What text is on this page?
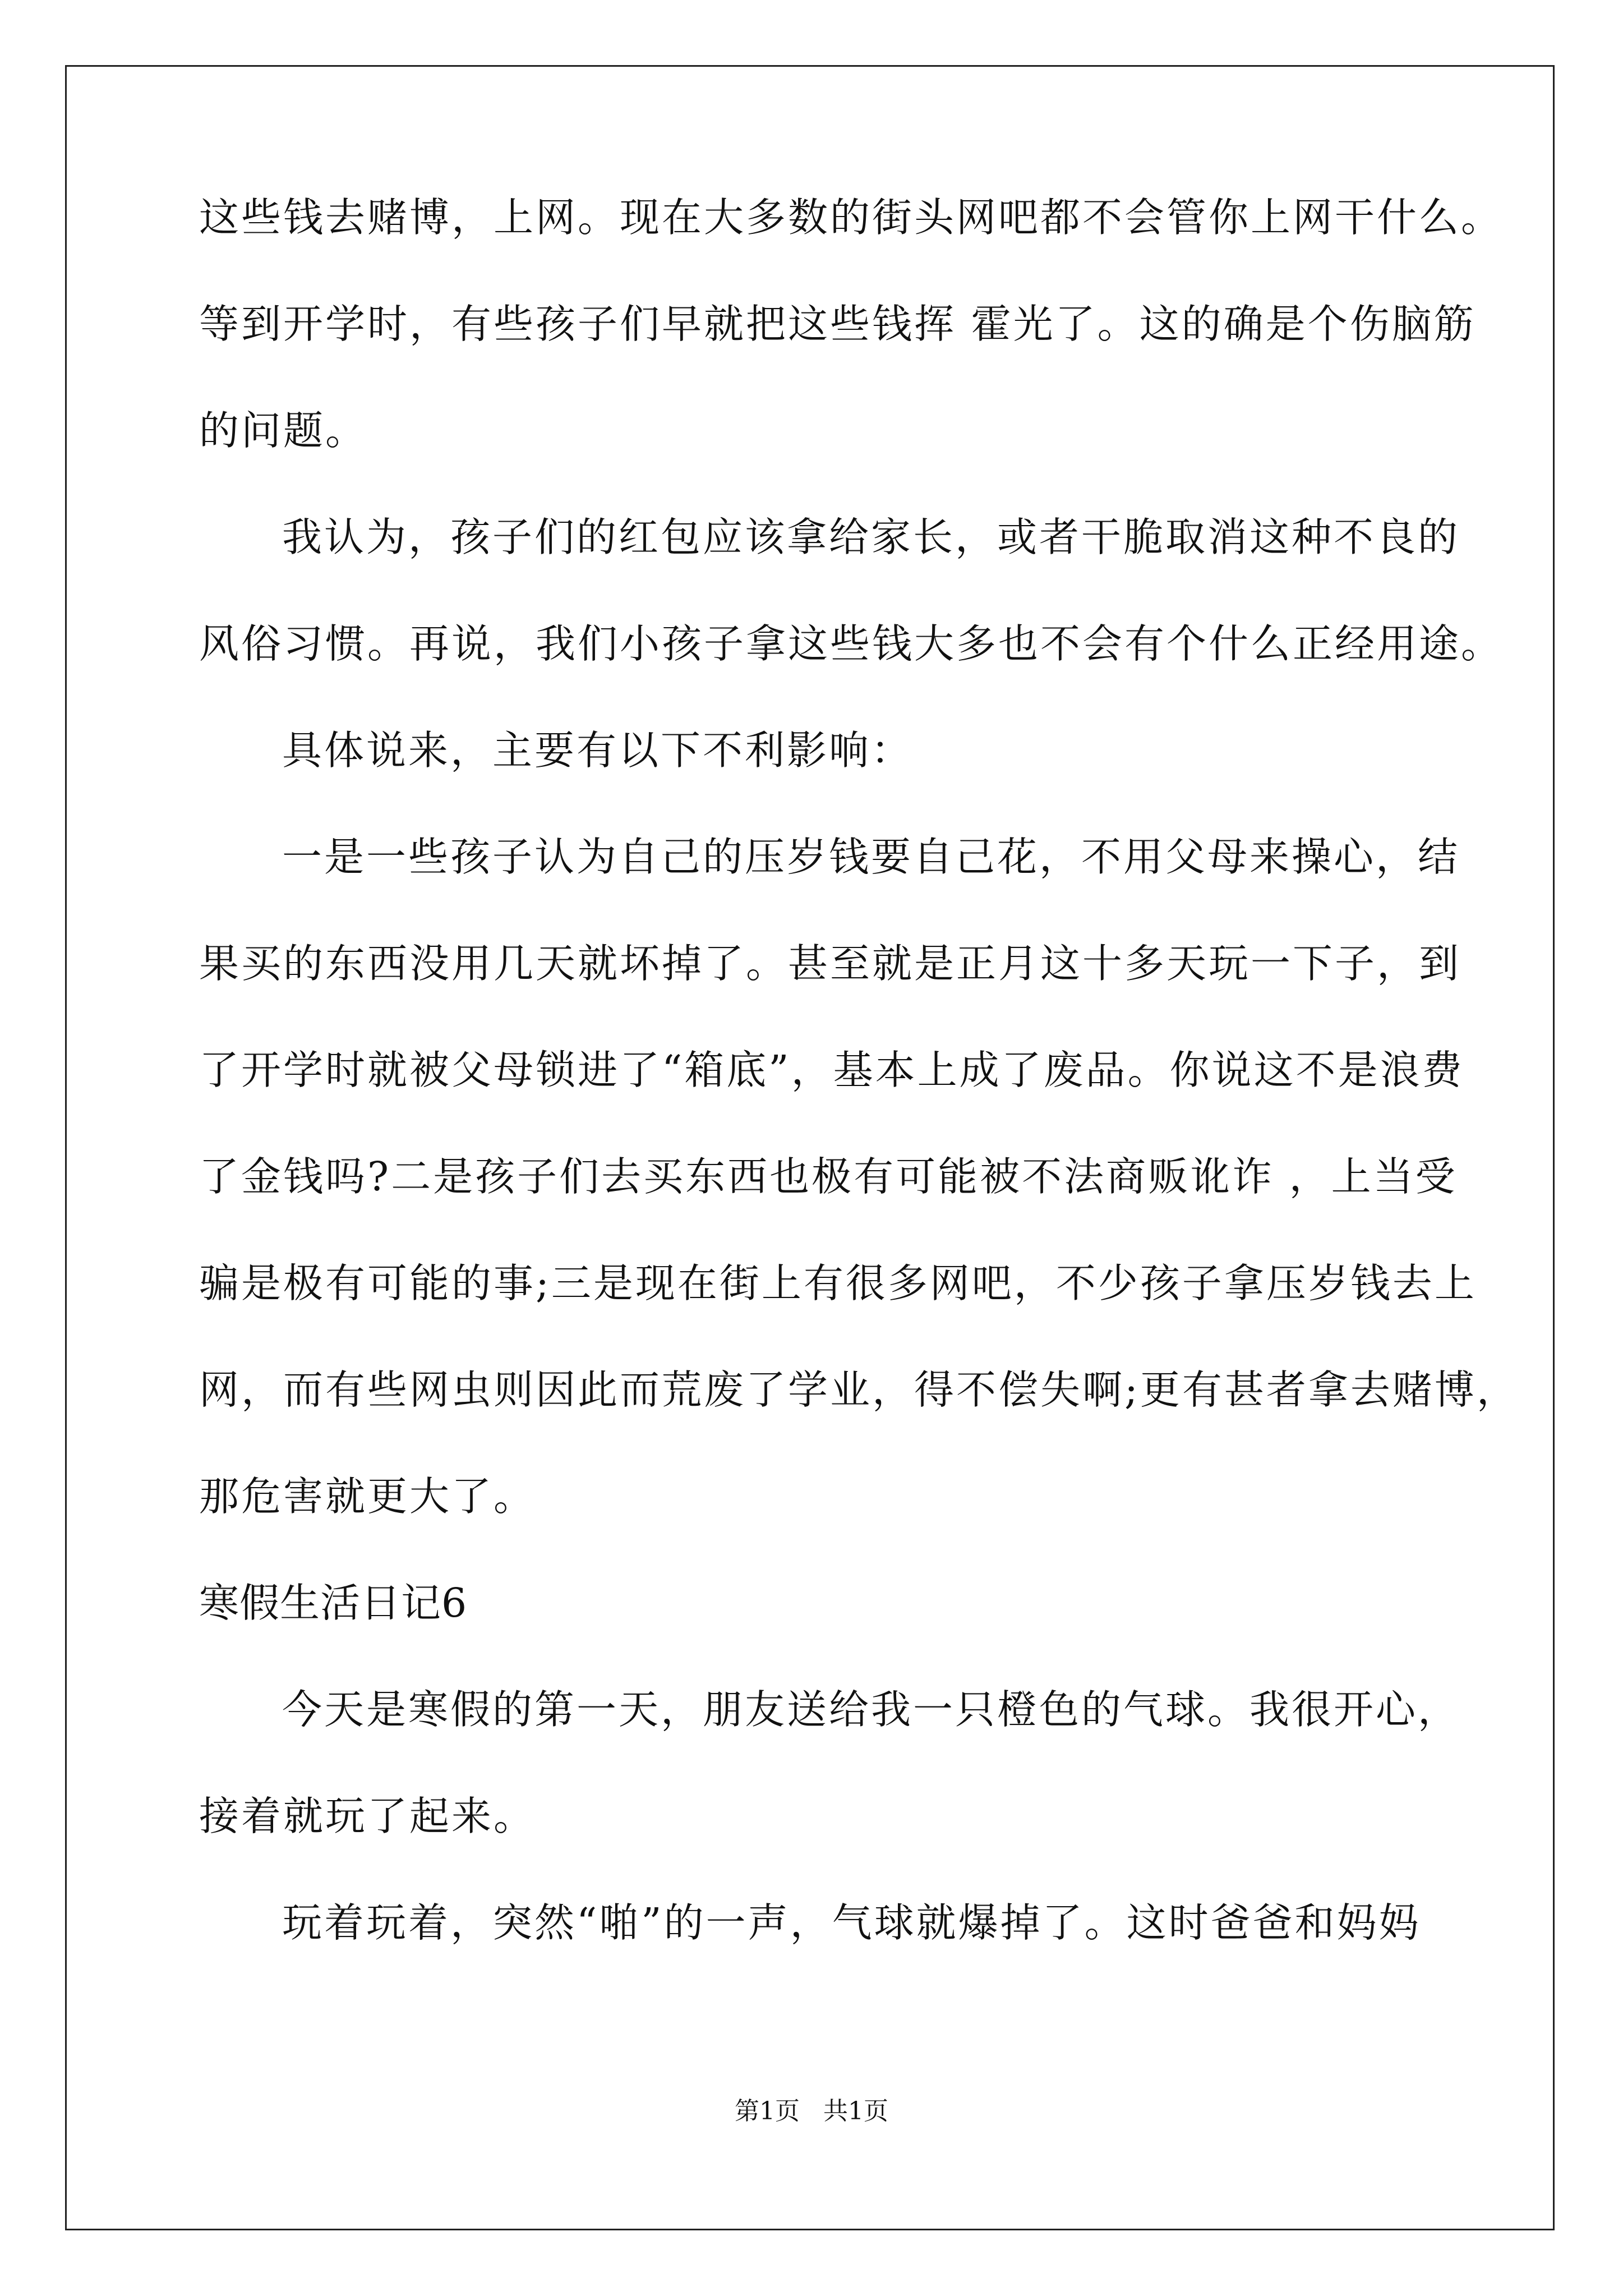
这些钱去赌博，上网。现在大多数的街头网吧都不会管你上网干什么。
等到开学时，有些孩子们早就把这些钱挥 霍光了。这的确是个伤脑筋
的问题。
我认为，孩子们的红包应该拿给家长，或者干脆取消这种不良的
风俗习惯。再说，我们小孩子拿这些钱大多也不会有个什么正经用途。
具体说来，主要有以下不利影响：
一是一些孩子认为自己的压岁钱要自己花，不用父母来操心，结
果买的东西没用几天就坏掉了。甚至就是正月这十多天玩一下子，到
了开学时就被父母锁进了“箱底”，基本上成了废品。你说这不是浪费
了金钱吗?二是孩子们去买东西也极有可能被不法商贩讹诈 ，上当受
骗是极有可能的事;三是现在街上有很多网吧，不少孩子拿压岁钱去上
网，而有些网虫则因此而荒废了学业，得不偿失啊;更有甚者拿去赌博，
那危害就更大了。
寒假生活日记6
今天是寒假的第一天，朋友送给我一只橙色的气球。我很开心，
接着就玩了起来。
玩着玩着，突然“啪”的一声，气球就爆掉了。这时爸爸和妈妈
第1页   共1页
